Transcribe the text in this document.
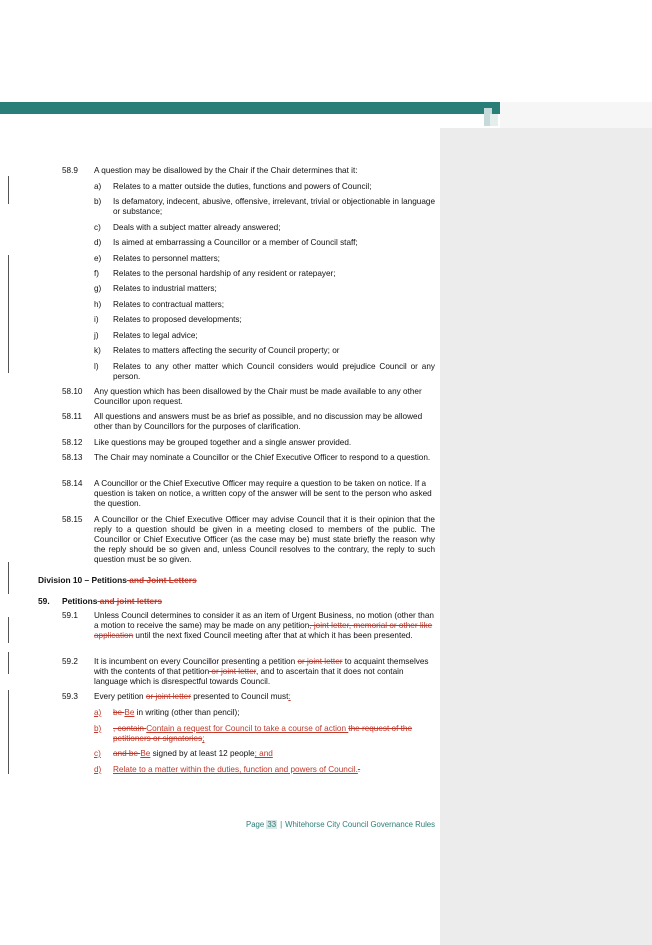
58.9 A question may be disallowed by the Chair if the Chair determines that it:
a) Relates to a matter outside the duties, functions and powers of Council;
b) Is defamatory, indecent, abusive, offensive, irrelevant, trivial or objectionable in language or substance;
c) Deals with a subject matter already answered;
d) Is aimed at embarrassing a Councillor or a member of Council staff;
e) Relates to personnel matters;
f) Relates to the personal hardship of any resident or ratepayer;
g) Relates to industrial matters;
h) Relates to contractual matters;
i) Relates to proposed developments;
j) Relates to legal advice;
k) Relates to matters affecting the security of Council property; or
l) Relates to any other matter which Council considers would prejudice Council or any person.
58.10 Any question which has been disallowed by the Chair must be made available to any other Councillor upon request.
58.11 All questions and answers must be as brief as possible, and no discussion may be allowed other than by Councillors for the purposes of clarification.
58.12 Like questions may be grouped together and a single answer provided.
58.13 The Chair may nominate a Councillor or the Chief Executive Officer to respond to a question.
58.14 A Councillor or the Chief Executive Officer may require a question to be taken on notice. If a question is taken on notice, a written copy of the answer will be sent to the person who asked the question.
58.15 A Councillor or the Chief Executive Officer may advise Council that it is their opinion that the reply to a question should be given in a meeting closed to members of the public. The Councillor or Chief Executive Officer (as the case may be) must state briefly the reason why the reply should be so given and, unless Council resolves to the contrary, the reply to such question must be so given.
Division 10 – Petitions and Joint Letters
59. Petitions and joint letters
59.1 Unless Council determines to consider it as an item of Urgent Business, no motion (other than a motion to receive the same) may be made on any petition, joint letter, memorial or other like application until the next fixed Council meeting after that at which it has been presented.
59.2 It is incumbent on every Councillor presenting a petition or joint letter to acquaint themselves with the contents of that petition or joint letter, and to ascertain that it does not contain language which is disrespectful towards Council.
59.3 Every petition or joint letter presented to Council must:
a) be Be in writing (other than pencil);
b) , contain Contain a request for Council to take a course of action the request of the petitioners or signatories;
c) and be Be signed by at least 12 people; and
d) Relate to a matter within the duties, function and powers of Council..
Page 33 | Whitehorse City Council Governance Rules
